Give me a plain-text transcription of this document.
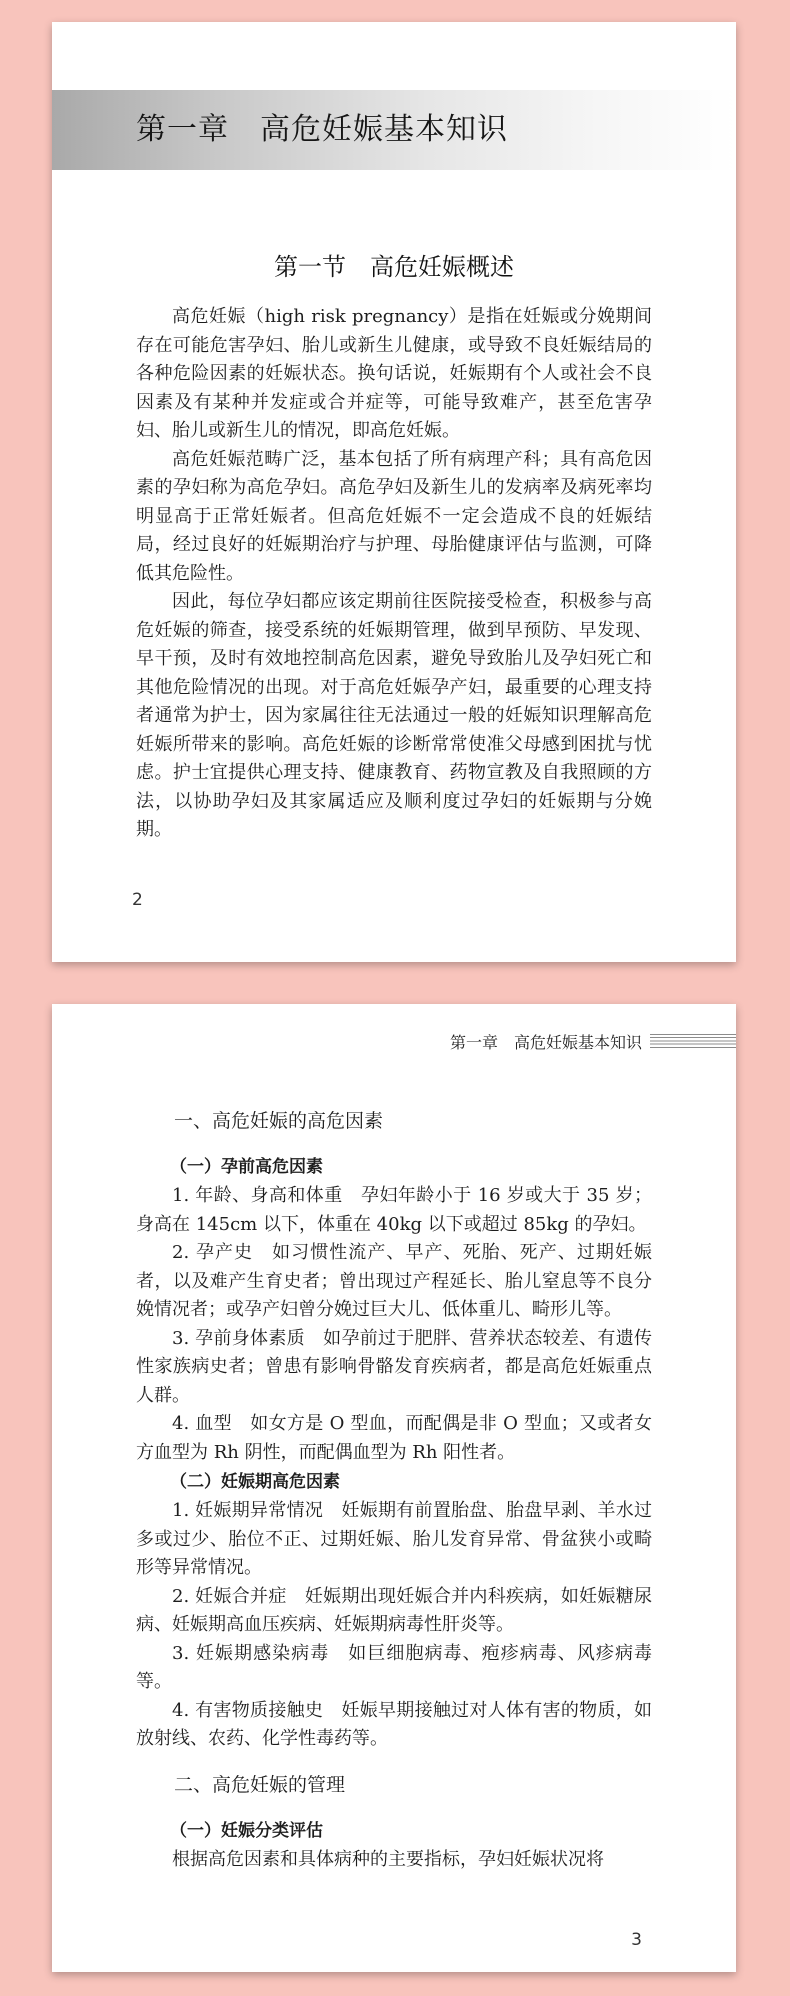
第一章　高危妊娠基本知识
第一节　高危妊娠概述

高危妊娠（high risk pregnancy）是指在妊娠或分娩期间存在可能危害孕妇、胎儿或新生儿健康，或导致不良妊娠结局的各种危险因素的妊娠状态。换句话说，妊娠期有个人或社会不良因素及有某种并发症或合并症等，可能导致难产，甚至危害孕妇、胎儿或新生儿的情况，即高危妊娠。

高危妊娠范畴广泛，基本包括了所有病理产科；具有高危因素的孕妇称为高危孕妇。高危孕妇及新生儿的发病率及病死率均明显高于正常妊娠者。但高危妊娠不一定会造成不良的妊娠结局，经过良好的妊娠期治疗与护理、母胎健康评估与监测，可降低其危险性。

因此，每位孕妇都应该定期前往医院接受检查，积极参与高危妊娠的筛查，接受系统的妊娠期管理，做到早预防、早发现、早干预，及时有效地控制高危因素，避免导致胎儿及孕妇死亡和其他危险情况的出现。对于高危妊娠孕产妇，最重要的心理支持者通常为护士，因为家属往往无法通过一般的妊娠知识理解高危妊娠所带来的影响。高危妊娠的诊断常常使准父母感到困扰与忧虑。护士宜提供心理支持、健康教育、药物宣教及自我照顾的方法，以协助孕妇及其家属适应及顺利度过孕妇的妊娠期与分娩期。

2
第一章　高危妊娠基本知识

一、高危妊娠的高危因素

（一）孕前高危因素

1. 年龄、身高和体重　孕妇年龄小于 16 岁或大于 35 岁；身高在 145cm 以下，体重在 40kg 以下或超过 85kg 的孕妇。

2. 孕产史　如习惯性流产、早产、死胎、死产、过期妊娠者，以及难产生育史者；曾出现过产程延长、胎儿窒息等不良分娩情况者；或孕产妇曾分娩过巨大儿、低体重儿、畸形儿等。

3. 孕前身体素质　如孕前过于肥胖、营养状态较差、有遗传性家族病史者；曾患有影响骨骼发育疾病者，都是高危妊娠重点人群。

4. 血型　如女方是 O 型血，而配偶是非 O 型血；又或者女方血型为 Rh 阴性，而配偶血型为 Rh 阳性者。

（二）妊娠期高危因素

1. 妊娠期异常情况　妊娠期有前置胎盘、胎盘早剥、羊水过多或过少、胎位不正、过期妊娠、胎儿发育异常、骨盆狭小或畸形等异常情况。

2. 妊娠合并症　妊娠期出现妊娠合并内科疾病，如妊娠糖尿病、妊娠期高血压疾病、妊娠期病毒性肝炎等。

3. 妊娠期感染病毒　如巨细胞病毒、疱疹病毒、风疹病毒等。

4. 有害物质接触史　妊娠早期接触过对人体有害的物质，如放射线、农药、化学性毒药等。

二、高危妊娠的管理

（一）妊娠分类评估

根据高危因素和具体病种的主要指标，孕妇妊娠状况将

3
